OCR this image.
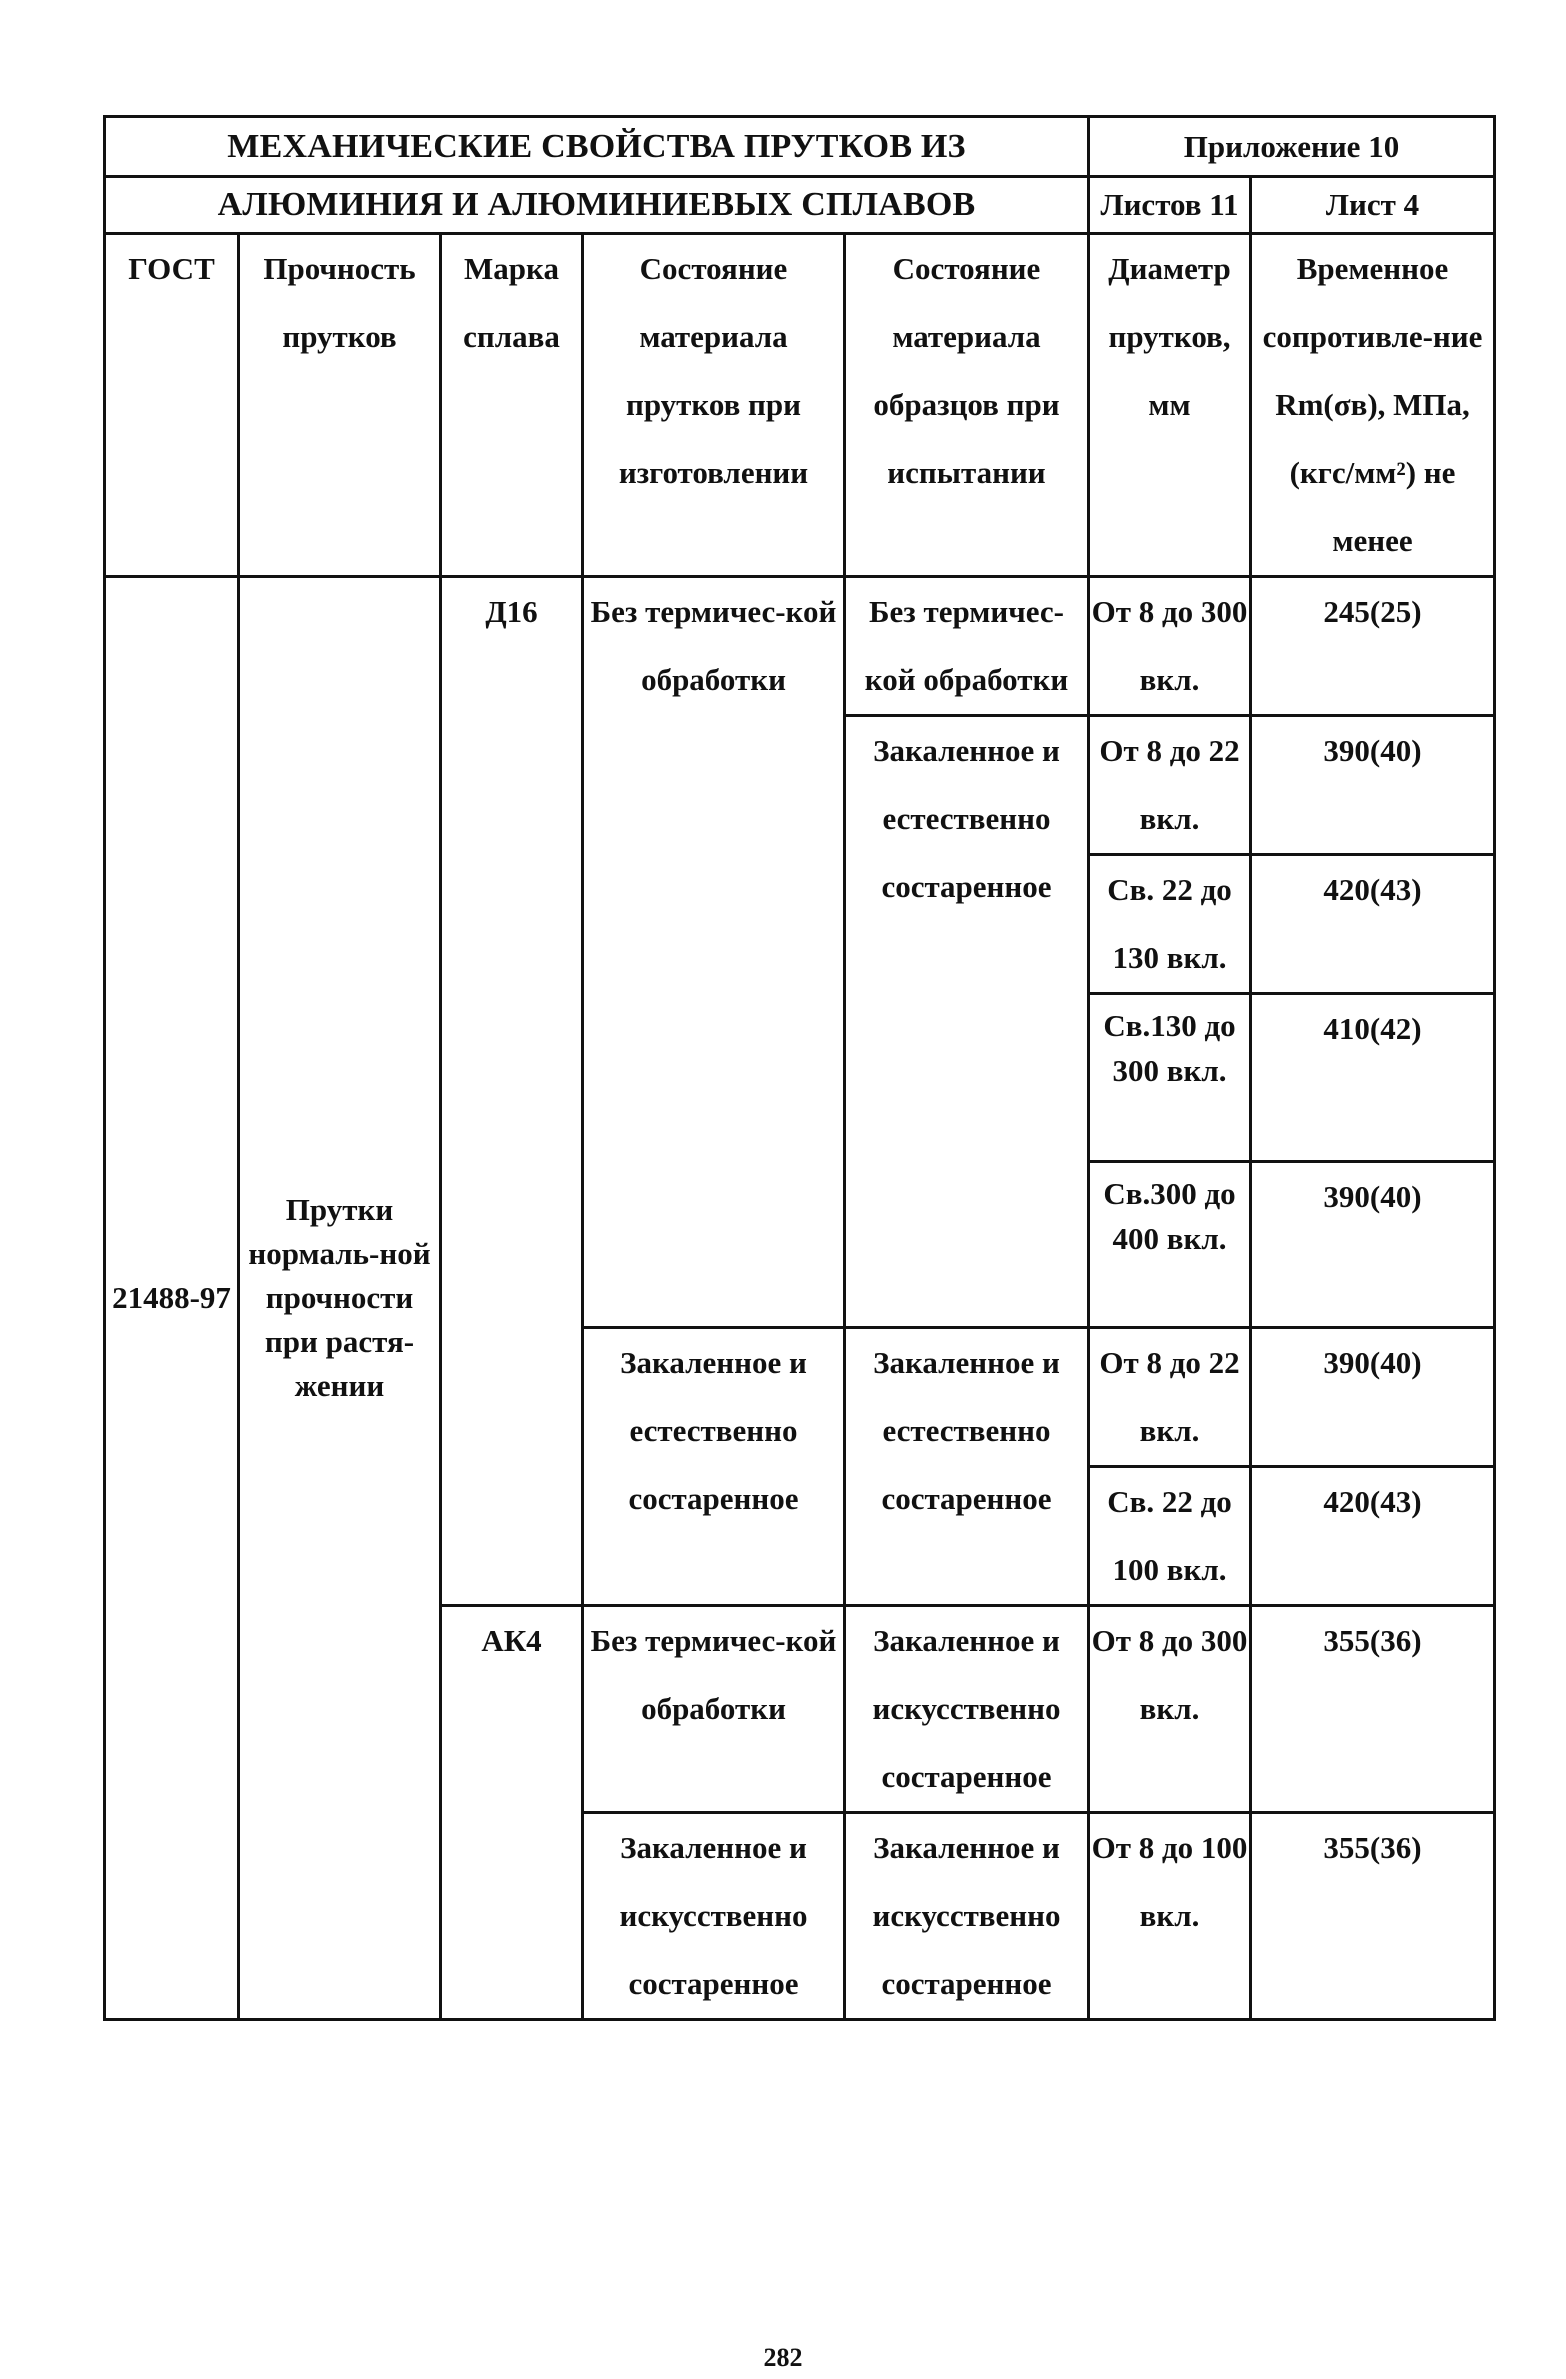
МЕХАНИЧЕСКИЕ СВОЙСТВА ПРУТКОВ ИЗ					Приложение 10	
АЛЮМИНИЯ И АЛЮМИНИЕВЫХ СПЛАВОВ					Листов 11	Лист 4
ГОСТ	Прочность прутков	Марка сплава	Состояние материала прутков при изготовлении	Состояние материала образцов при испытании	Диаметр прутков, мм	Временное сопротивле-ние Rm(σв), МПа, (кгс/мм²) не менее
21488-97	Прутки нормаль-ной прочности при растя-жении	Д16	Без термичес-кой обработки	Без термичес-кой обработки	От 8 до 300 вкл.	245(25)
				Закаленное и естественно состаренное	От 8 до 22 вкл.	390(40)
					Св. 22 до 130 вкл.	420(43)
					Св.130 до 300 вкл.	410(42)
					Св.300 до 400 вкл.	390(40)
			Закаленное и естественно состаренное	Закаленное и естественно состаренное	От 8 до 22 вкл.	390(40)
					Св. 22 до 100 вкл.	420(43)
		АК4	Без термичес-кой обработки	Закаленное и искусственно состаренное	От 8 до 300 вкл.	355(36)
			Закаленное и искусственно состаренное	Закаленное и искусственно состаренное	От 8 до 100 вкл.	355(36)
282
